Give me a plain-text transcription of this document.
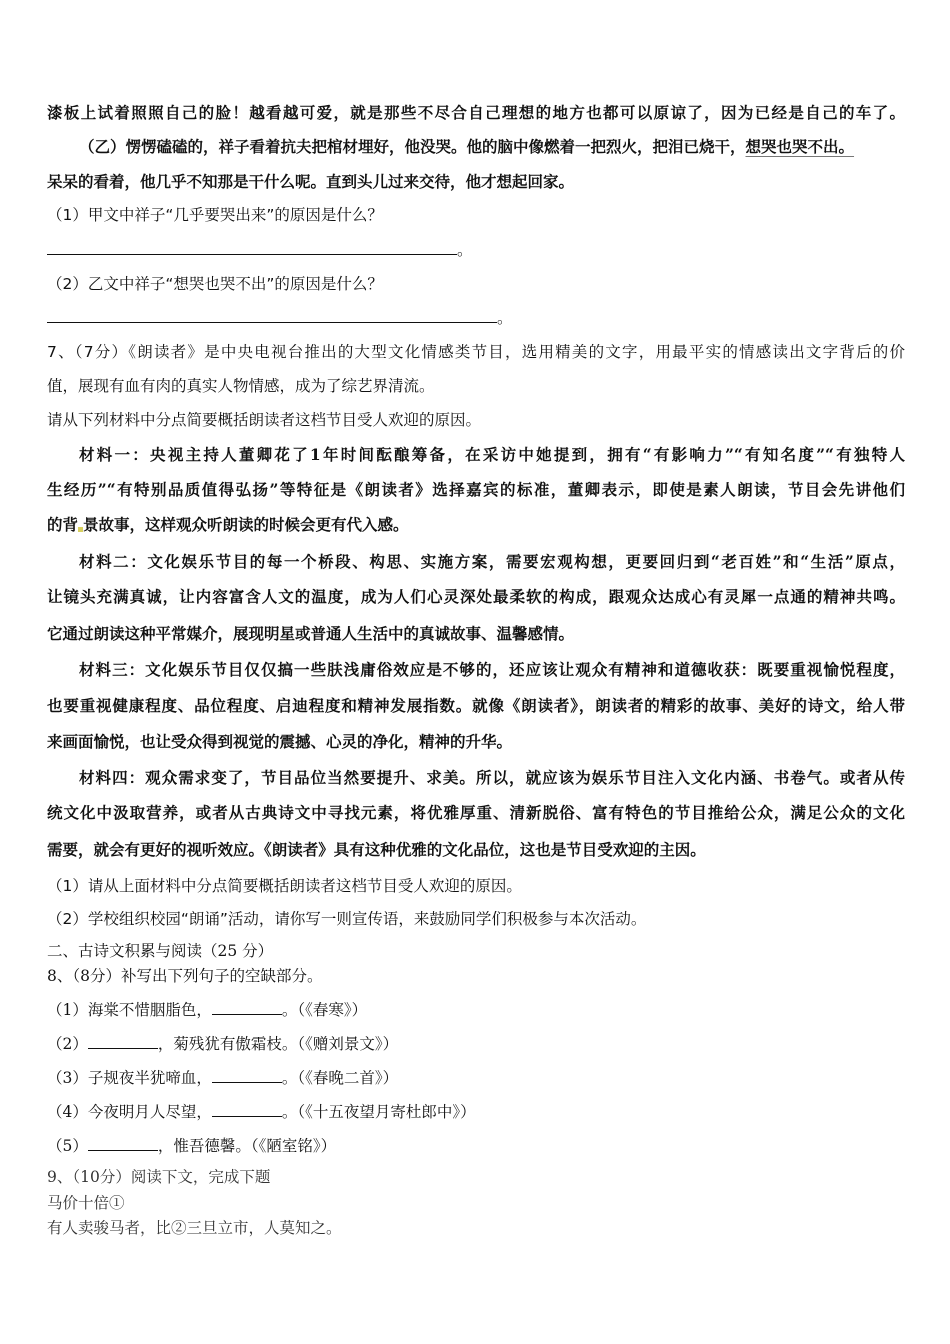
漆板上试着照照自己的脸！越看越可爱，就是那些不尽合自己理想的地方也都可以原谅了，因为已经是自己的车了。
（乙）愣愣磕磕的，祥子看着抗夫把棺材埋好，他没哭。他的脑中像燃着一把烈火，把泪已烧干，想哭也哭不出。
呆呆的看着，他几乎不知那是干什么呢。直到头儿过来交待，他才想起回家。
（1）甲文中祥子“几乎要哭出来”的原因是什么？
。
（2）乙文中祥子“想哭也哭不出”的原因是什么？
。
7、（7分）《朗读者》是中央电视台推出的大型文化情感类节目，选用精美的文字，用最平实的情感读出文字背后的价
值，展现有血有肉的真实人物情感，成为了综艺界清流。
请从下列材料中分点简要概括朗读者这档节目受人欢迎的原因。
材料一：央视主持人董卿花了1年时间酝酿筹备，在采访中她提到，拥有“有影响力”“有知名度”“有独特人
生经历”“有特别品质值得弘扬”等特征是《朗读者》选择嘉宾的标准，董卿表示，即使是素人朗读，节目会先讲他们
的背 景故事，这样观众听朗读的时候会更有代入感。
材料二：文化娱乐节目的每一个桥段、构思、实施方案，需要宏观构想，更要回归到“老百姓”和“生活”原点，
让镜头充满真诚，让内容富含人文的温度，成为人们心灵深处最柔软的构成，跟观众达成心有灵犀一点通的精神共鸣。
它通过朗读这种平常媒介，展现明星或普通人生活中的真诚故事、温馨感情。
材料三：文化娱乐节目仅仅搞一些肤浅庸俗效应是不够的，还应该让观众有精神和道德收获：既要重视愉悦程度，
也要重视健康程度、品位程度、启迪程度和精神发展指数。就像《朗读者》，朗读者的精彩的故事、美好的诗文，给人带
来画面愉悦，也让受众得到视觉的震撼、心灵的净化，精神的升华。
材料四：观众需求变了，节目品位当然要提升、求美。所以，就应该为娱乐节目注入文化内涵、书卷气。或者从传
统文化中汲取营养，或者从古典诗文中寻找元素，将优雅厚重、清新脱俗、富有特色的节目推给公众，满足公众的文化
需要，就会有更好的视听效应。《朗读者》具有这种优雅的文化品位，这也是节目受欢迎的主因。
（1）请从上面材料中分点简要概括朗读者这档节目受人欢迎的原因。
（2）学校组织校园“朗诵”活动，请你写一则宣传语，来鼓励同学们积极参与本次活动。
二、古诗文积累与阅读（25 分）
8、（8分）补写出下列句子的空缺部分。
（1）海棠不惜胭脂色，	。（《春寒》）
（2）	，菊残犹有傲霜枝。（《赠刘景文》）
（3）子规夜半犹啼血，	。（《春晚二首》）
（4）今夜明月人尽望，	。（《十五夜望月寄杜郎中》）
（5）	，惟吾德馨。（《陋室铭》）
9、（10分）阅读下文，完成下题
马价十倍①
有人卖骏马者，比②三旦立市，人莫知之。
